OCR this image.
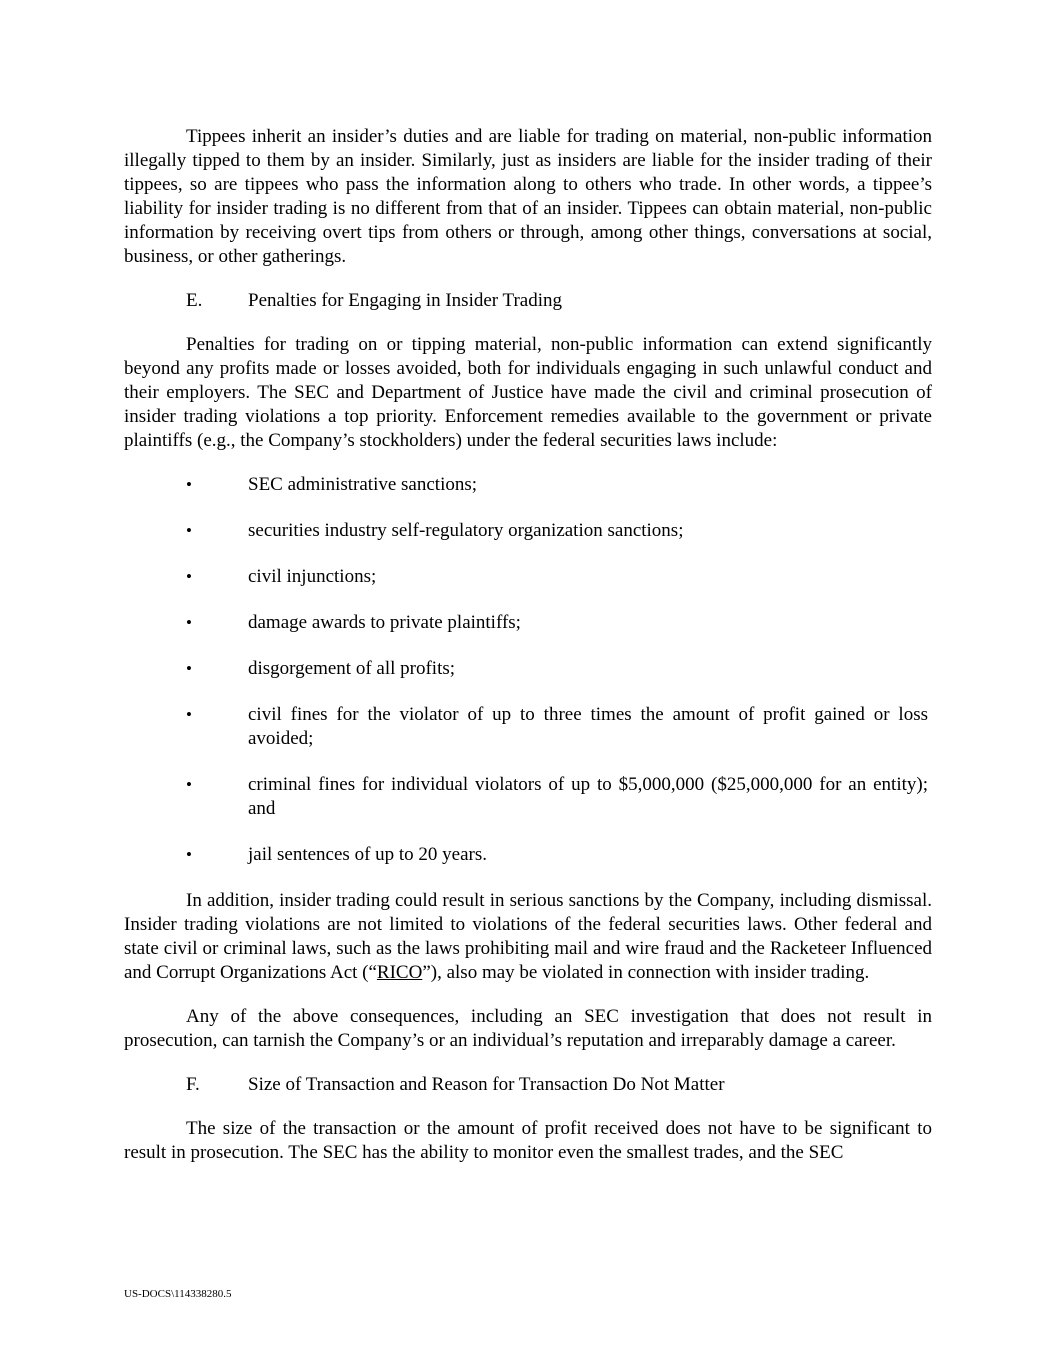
Tippees inherit an insider’s duties and are liable for trading on material, non-public information illegally tipped to them by an insider. Similarly, just as insiders are liable for the insider trading of their tippees, so are tippees who pass the information along to others who trade. In other words, a tippee’s liability for insider trading is no different from that of an insider. Tippees can obtain material, non-public information by receiving overt tips from others or through, among other things, conversations at social, business, or other gatherings.

E.	Penalties for Engaging in Insider Trading

Penalties for trading on or tipping material, non-public information can extend significantly beyond any profits made or losses avoided, both for individuals engaging in such unlawful conduct and their employers. The SEC and Department of Justice have made the civil and criminal prosecution of insider trading violations a top priority. Enforcement remedies available to the government or private plaintiffs (e.g., the Company’s stockholders) under the federal securities laws include:

•	SEC administrative sanctions;
•	securities industry self-regulatory organization sanctions;
•	civil injunctions;
•	damage awards to private plaintiffs;
•	disgorgement of all profits;
•	civil fines for the violator of up to three times the amount of profit gained or loss avoided;
•	criminal fines for individual violators of up to $5,000,000 ($25,000,000 for an entity); and
•	jail sentences of up to 20 years.

In addition, insider trading could result in serious sanctions by the Company, including dismissal. Insider trading violations are not limited to violations of the federal securities laws. Other federal and state civil or criminal laws, such as the laws prohibiting mail and wire fraud and the Racketeer Influenced and Corrupt Organizations Act (“RICO”), also may be violated in connection with insider trading.

Any of the above consequences, including an SEC investigation that does not result in prosecution, can tarnish the Company’s or an individual’s reputation and irreparably damage a career.

F.	Size of Transaction and Reason for Transaction Do Not Matter

The size of the transaction or the amount of profit received does not have to be significant to result in prosecution. The SEC has the ability to monitor even the smallest trades, and the SEC

US-DOCS\114338280.5
